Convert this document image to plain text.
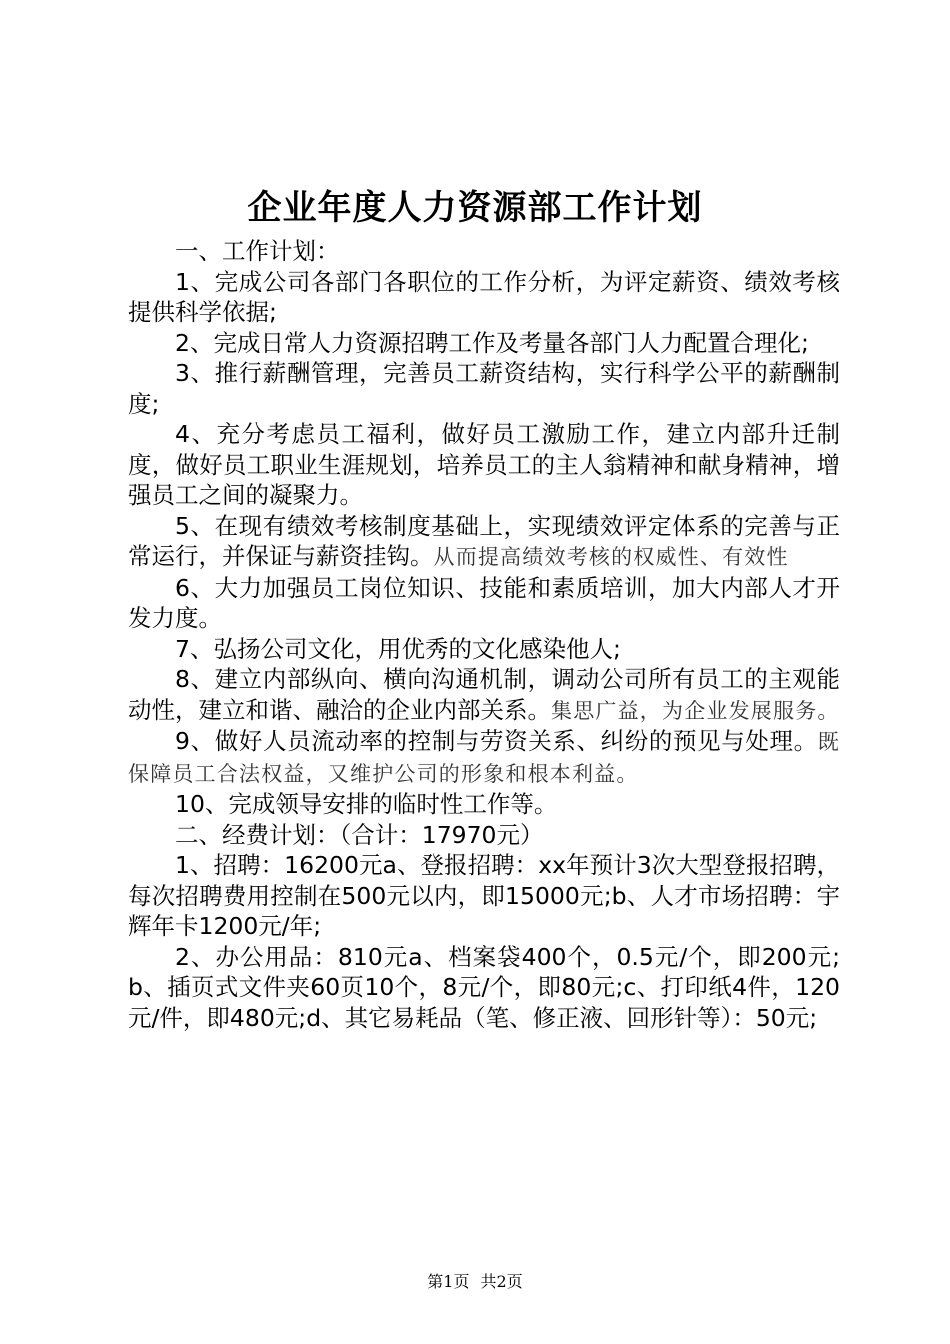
企业年度人力资源部工作计划

一、工作计划：

1、完成公司各部门各职位的工作分析，为评定薪资、绩效考核提供科学依据;

2、完成日常人力资源招聘工作及考量各部门人力配置合理化;

3、推行薪酬管理，完善员工薪资结构，实行科学公平的薪酬制度;

4、充分考虑员工福利，做好员工激励工作，建立内部升迁制度，做好员工职业生涯规划，培养员工的主人翁精神和献身精神，增强员工之间的凝聚力。

5、在现有绩效考核制度基础上，实现绩效评定体系的完善与正常运行，并保证与薪资挂钩。从而提高绩效考核的权威性、有效性

6、大力加强员工岗位知识、技能和素质培训，加大内部人才开发力度。

7、弘扬公司文化，用优秀的文化感染他人;

8、建立内部纵向、横向沟通机制，调动公司所有员工的主观能动性，建立和谐、融洽的企业内部关系。集思广益，为企业发展服务。

9、做好人员流动率的控制与劳资关系、纠纷的预见与处理。既保障员工合法权益，又维护公司的形象和根本利益。

10、完成领导安排的临时性工作等。

二、经费计划：（合计：17970元）

1、招聘：16200元a、登报招聘：xx年预计3次大型登报招聘，每次招聘费用控制在500元以内，即15000元;b、人才市场招聘：宇辉年卡1200元/年;

2、办公用品：810元a、档案袋400个，0.5元/个，即200元;b、插页式文件夹60页10个，8元/个，即80元;c、打印纸4件，120元/件，即480元;d、其它易耗品（笔、修正液、回形针等）：50元;

第1页 共2页
